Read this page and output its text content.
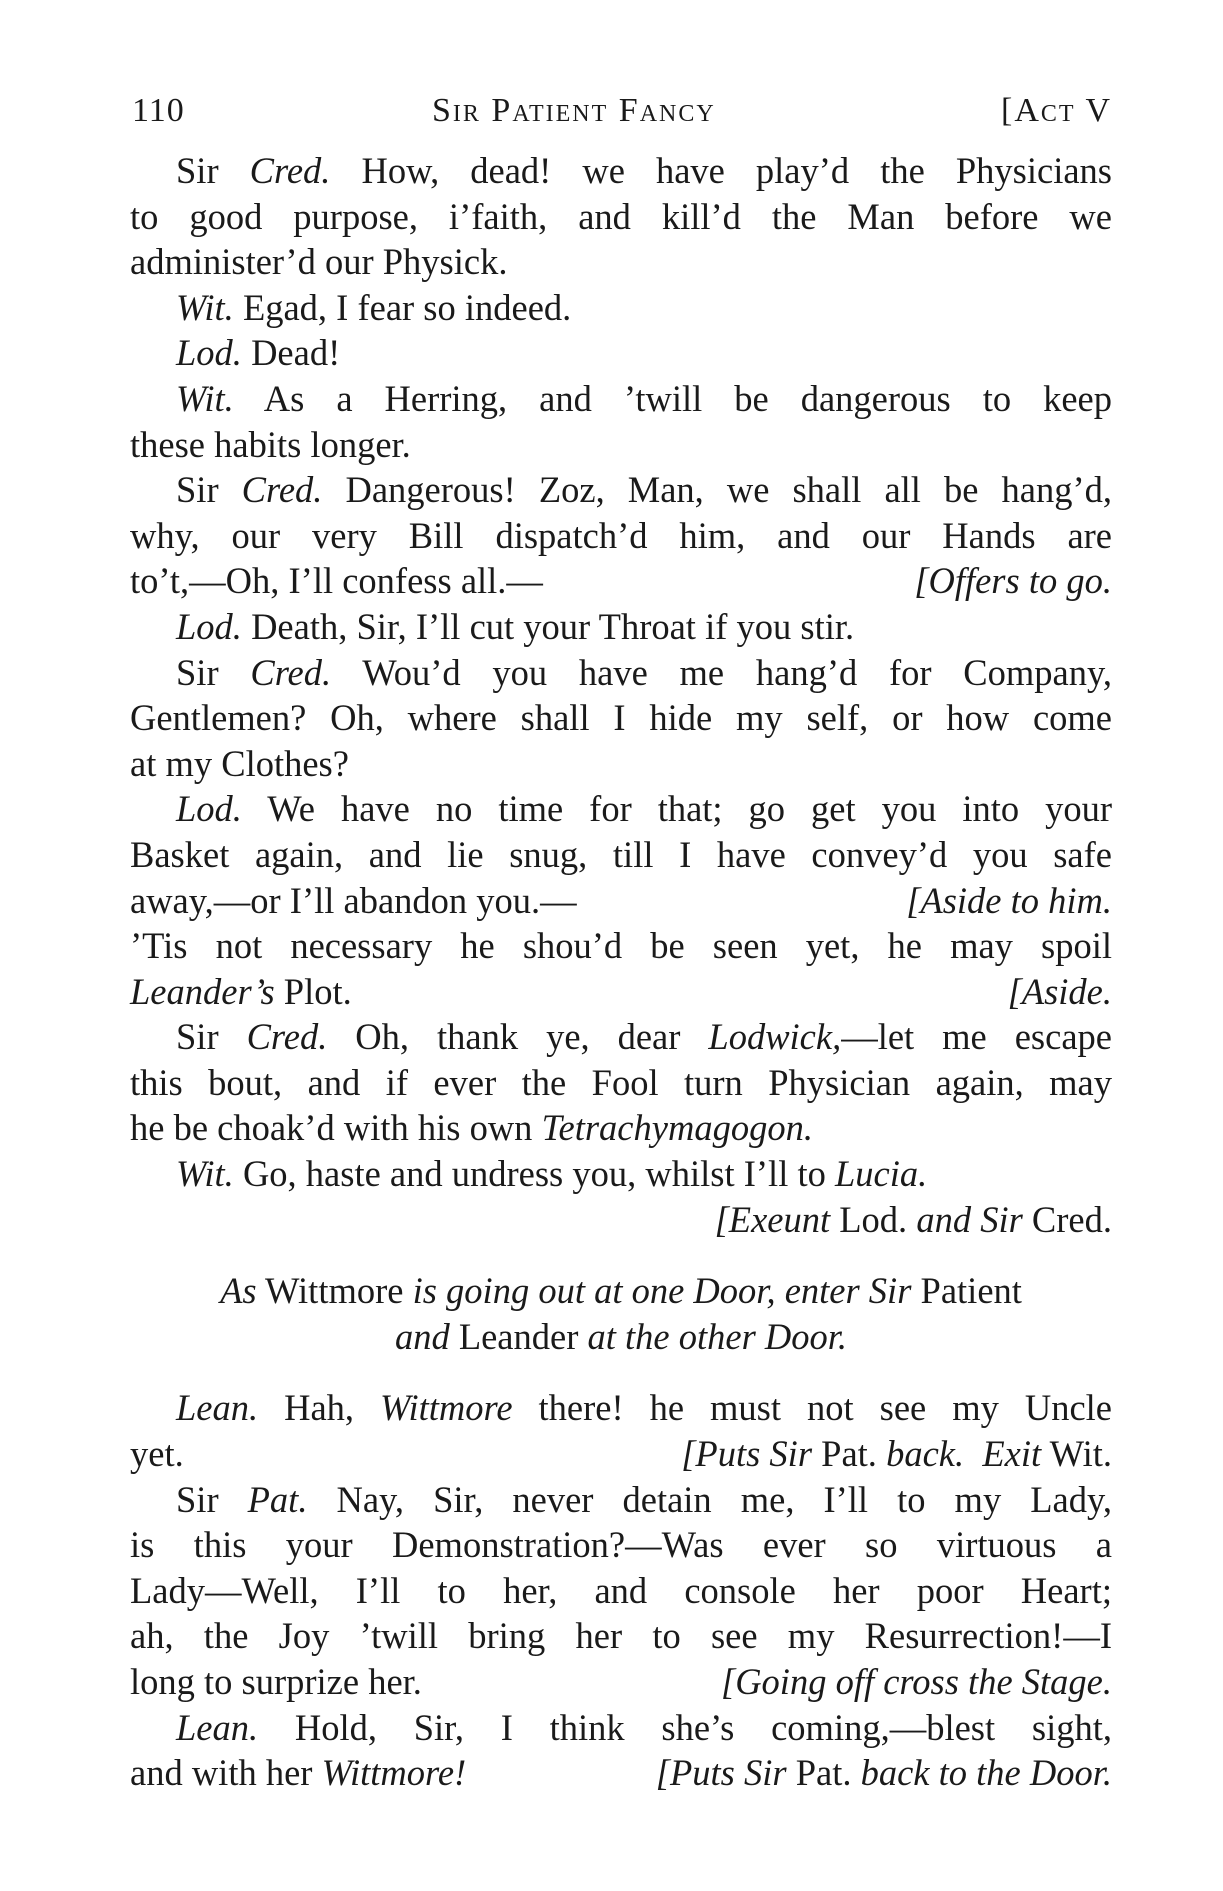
110	Sir Patient Fancy	[Act V
Sir Cred. How, dead! we have play’d the Physicians
to good purpose, i’faith, and kill’d the Man before we
administer’d our Physick.
Wit. Egad, I fear so indeed.
Lod. Dead!
Wit. As a Herring, and ’twill be dangerous to keep
these habits longer.
Sir Cred. Dangerous! Zoz, Man, we shall all be hang’d,
why, our very Bill dispatch’d him, and our Hands are
to’t,—Oh, I’ll confess all.—	[Offers to go.
Lod. Death, Sir, I’ll cut your Throat if you stir.
Sir Cred. Wou’d you have me hang’d for Company,
Gentlemen? Oh, where shall I hide my self, or how come
at my Clothes?
Lod. We have no time for that; go get you into your
Basket again, and lie snug, till I have convey’d you safe
away,—or I’ll abandon you.—	[Aside to him.
’Tis not necessary he shou’d be seen yet, he may spoil
Leander’s Plot.	[Aside.
Sir Cred. Oh, thank ye, dear Lodwick,—let me escape
this bout, and if ever the Fool turn Physician again, may
he be choak’d with his own Tetrachymagogon.
Wit. Go, haste and undress you, whilst I’ll to Lucia.
[Exeunt Lod. and Sir Cred.
As Wittmore is going out at one Door, enter Sir Patient
and Leander at the other Door.
Lean. Hah, Wittmore there! he must not see my Uncle
yet.	[Puts Sir Pat. back.  Exit Wit.
Sir Pat. Nay, Sir, never detain me, I’ll to my Lady,
is this your Demonstration?—Was ever so virtuous a
Lady—Well, I’ll to her, and console her poor Heart;
ah, the Joy ’twill bring her to see my Resurrection!—I
long to surprize her.	[Going off cross the Stage.
Lean. Hold, Sir, I think she’s coming,—blest sight,
and with her Wittmore!	[Puts Sir Pat. back to the Door.
